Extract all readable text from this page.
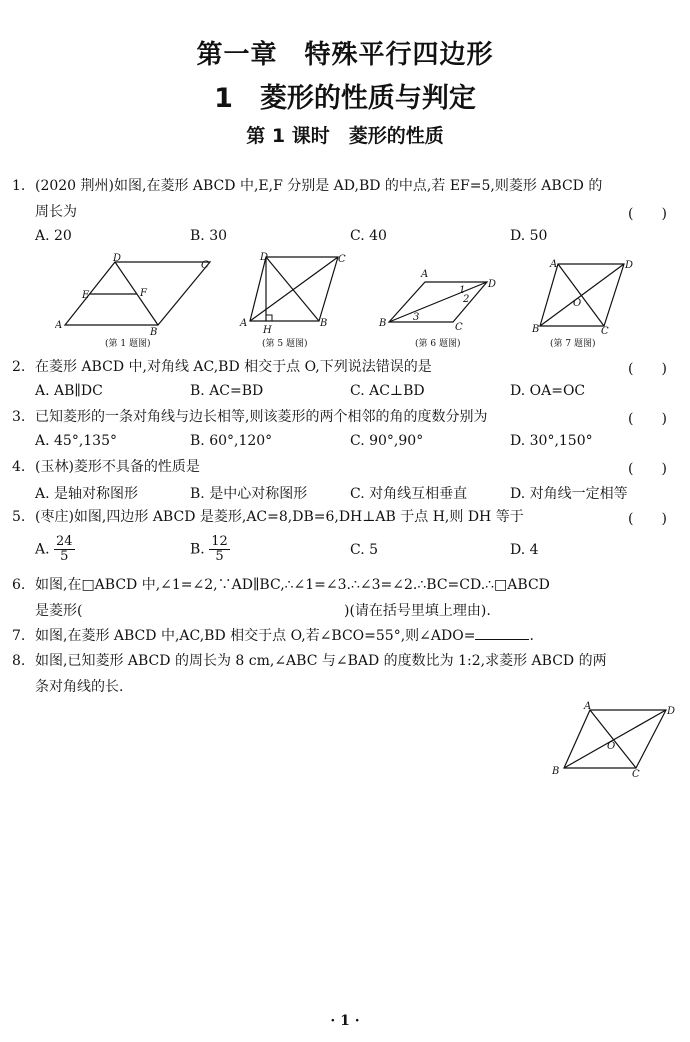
第一章　特殊平行四边形
1　菱形的性质与判定
第 1 课时　菱形的性质
1. (2020 荆州)如图,在菱形 ABCD 中,E,F 分别是 AD,BD 的中点,若 EF=5,则菱形 ABCD 的
周长为	(　　)
A. 20	B. 30	C. 40	D. 50
A
B
C
D
E	F
(第 1 题图)
A	B
C
D
H
(第 5 题图)
B
A
D
C
1
2
3
(第 6 题图)
A
B	C
D
O
(第 7 题图)
2. 在菱形 ABCD 中,对角线 AC,BD 相交于点 O,下列说法错误的是	(　　)
A. AB∥DC	B. AC=BD	C. AC⊥BD	D. OA=OC
3. 已知菱形的一条对角线与边长相等,则该菱形的两个相邻的角的度数分别为	(　　)
A. 45°,135°	B. 60°,120°	C. 90°,90°	D. 30°,150°
4. (玉林)菱形不具备的性质是	(　　)
A. 是轴对称图形	B. 是中心对称图形	C. 对角线互相垂直	D. 对角线一定相等
5. (枣庄)如图,四边形 ABCD 是菱形,AC=8,DB=6,DH⊥AB 于点 H,则 DH 等于	(　　)
A. $\frac{24}{5}$	B. $\frac{12}{5}$	C. 5	D. 4
6. 如图,在□ABCD 中,∠1=∠2,∵AD∥BC,∴∠1=∠3.∴∠3=∠2.∴BC=CD.∴□ABCD
是菱形(	)(请在括号里填上理由).
7. 如图,在菱形 ABCD 中,AC,BD 相交于点 O,若∠BCO=55°,则∠ADO=	.
8. 如图,已知菱形 ABCD 的周长为 8 cm,∠ABC 与∠BAD 的度数比为 1:2,求菱形 ABCD 的两
条对角线的长.
A
B	C
D
O
· 1 ·
